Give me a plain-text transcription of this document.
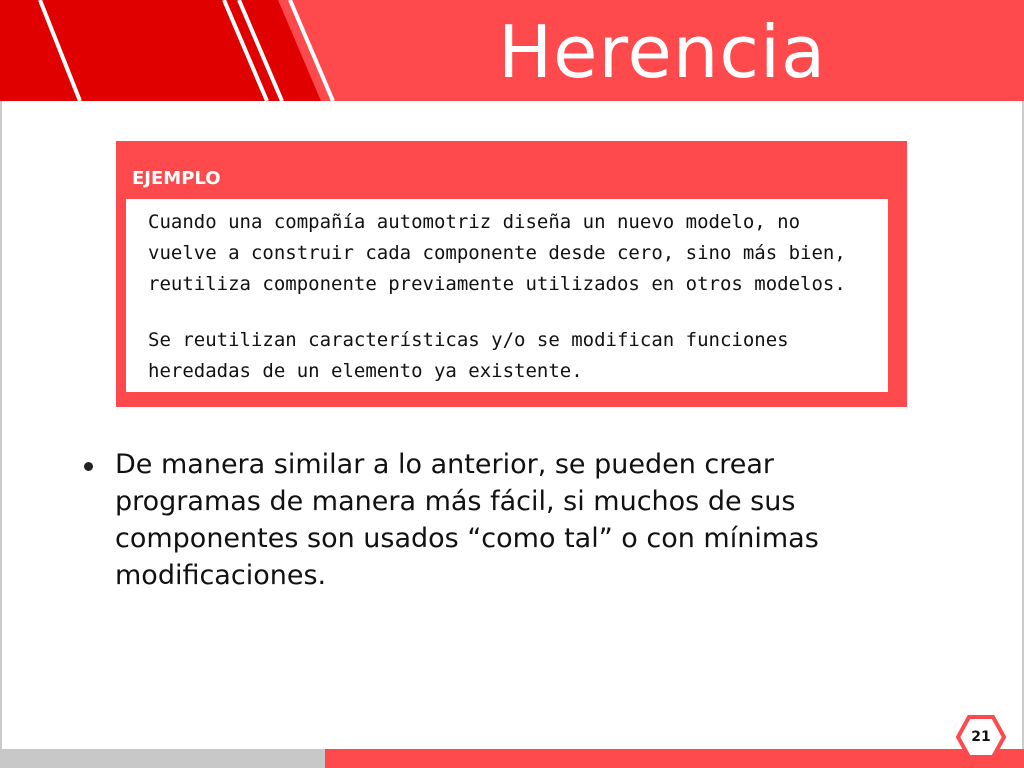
Herencia
EJEMPLO

Cuando una compañía automotriz diseña un nuevo modelo, no
vuelve a construir cada componente desde cero, sino más bien,
reutiliza componente previamente utilizados en otros modelos.

Se reutilizan características y/o se modifican funciones
heredadas de un elemento ya existente.

De manera similar a lo anterior, se pueden crear
programas de manera más fácil, si muchos de sus
componentes son usados “como tal” o con mínimas
modificaciones.
21
